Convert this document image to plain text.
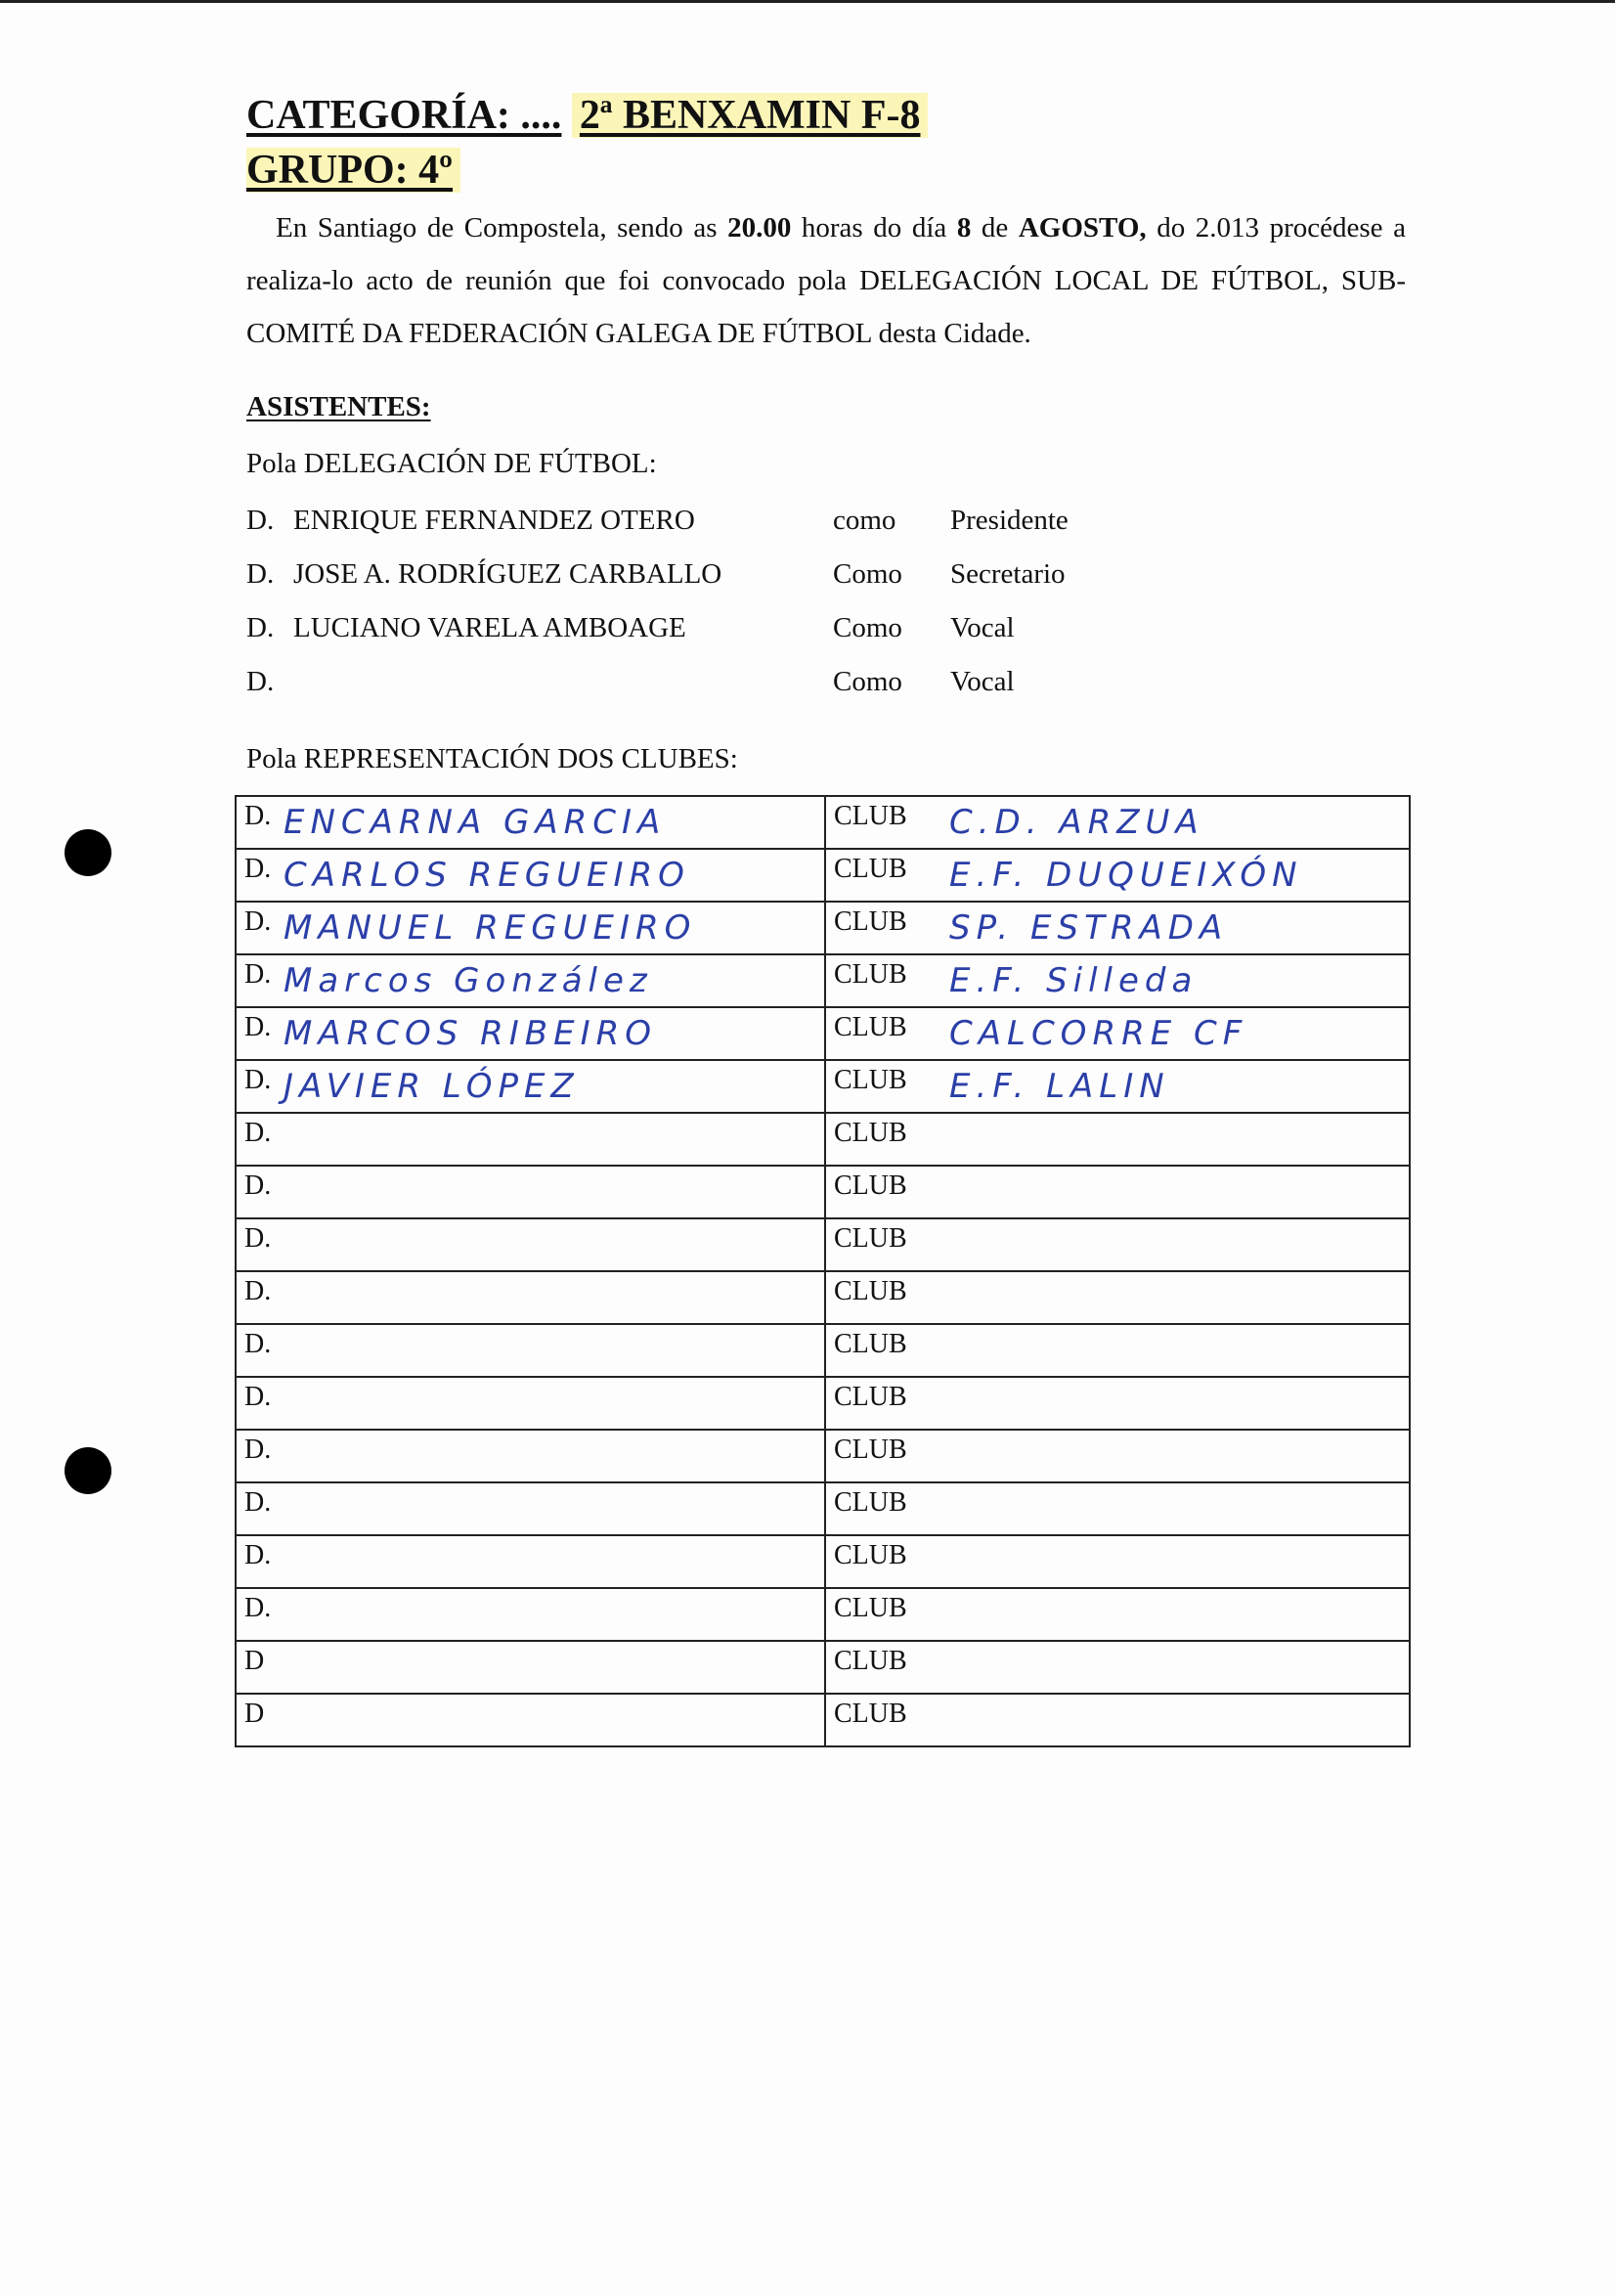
CATEGORÍA: .... 2ª BENXAMIN F-8
GRUPO: 4º

En Santiago de Compostela, sendo as 20.00 horas do día 8 de AGOSTO, do 2.013 procédese a realiza-lo acto de reunión que foi convocado pola DELEGACIÓN LOCAL DE FÚTBOL, SUB-COMITÉ DA FEDERACIÓN GALEGA DE FÚTBOL desta Cidade.

ASISTENTES:
Pola DELEGACIÓN DE FÚTBOL:
D. ENRIQUE FERNANDEZ OTERO	como Presidente
D. JOSE A. RODRÍGUEZ CARBALLO	Como Secretario
D. LUCIANO VARELA AMBOAGE	Como Vocal
D.	Como Vocal
Pola REPRESENTACIÓN DOS CLUBES:
D. ENCARNA GARCIA	CLUB C.D. ARZUA

D. CARLOS REGUEIRO	CLUB E.F. DUQUEIXÓN

D. MANUEL REGUEIRO	CLUB SP. ESTRADA

D. Marcos González	CLUB E.F. Silleda

D. MARCOS RIBEIRO	CLUB CALCORRE CF

D. JAVIER LÓPEZ	CLUB E.F. LALIN

D.	CLUB

D.	CLUB

D.	CLUB

D.	CLUB

D.	CLUB

D.	CLUB

D.	CLUB

D.	CLUB

D.	CLUB

D.	CLUB

D	CLUB

D	CLUB
